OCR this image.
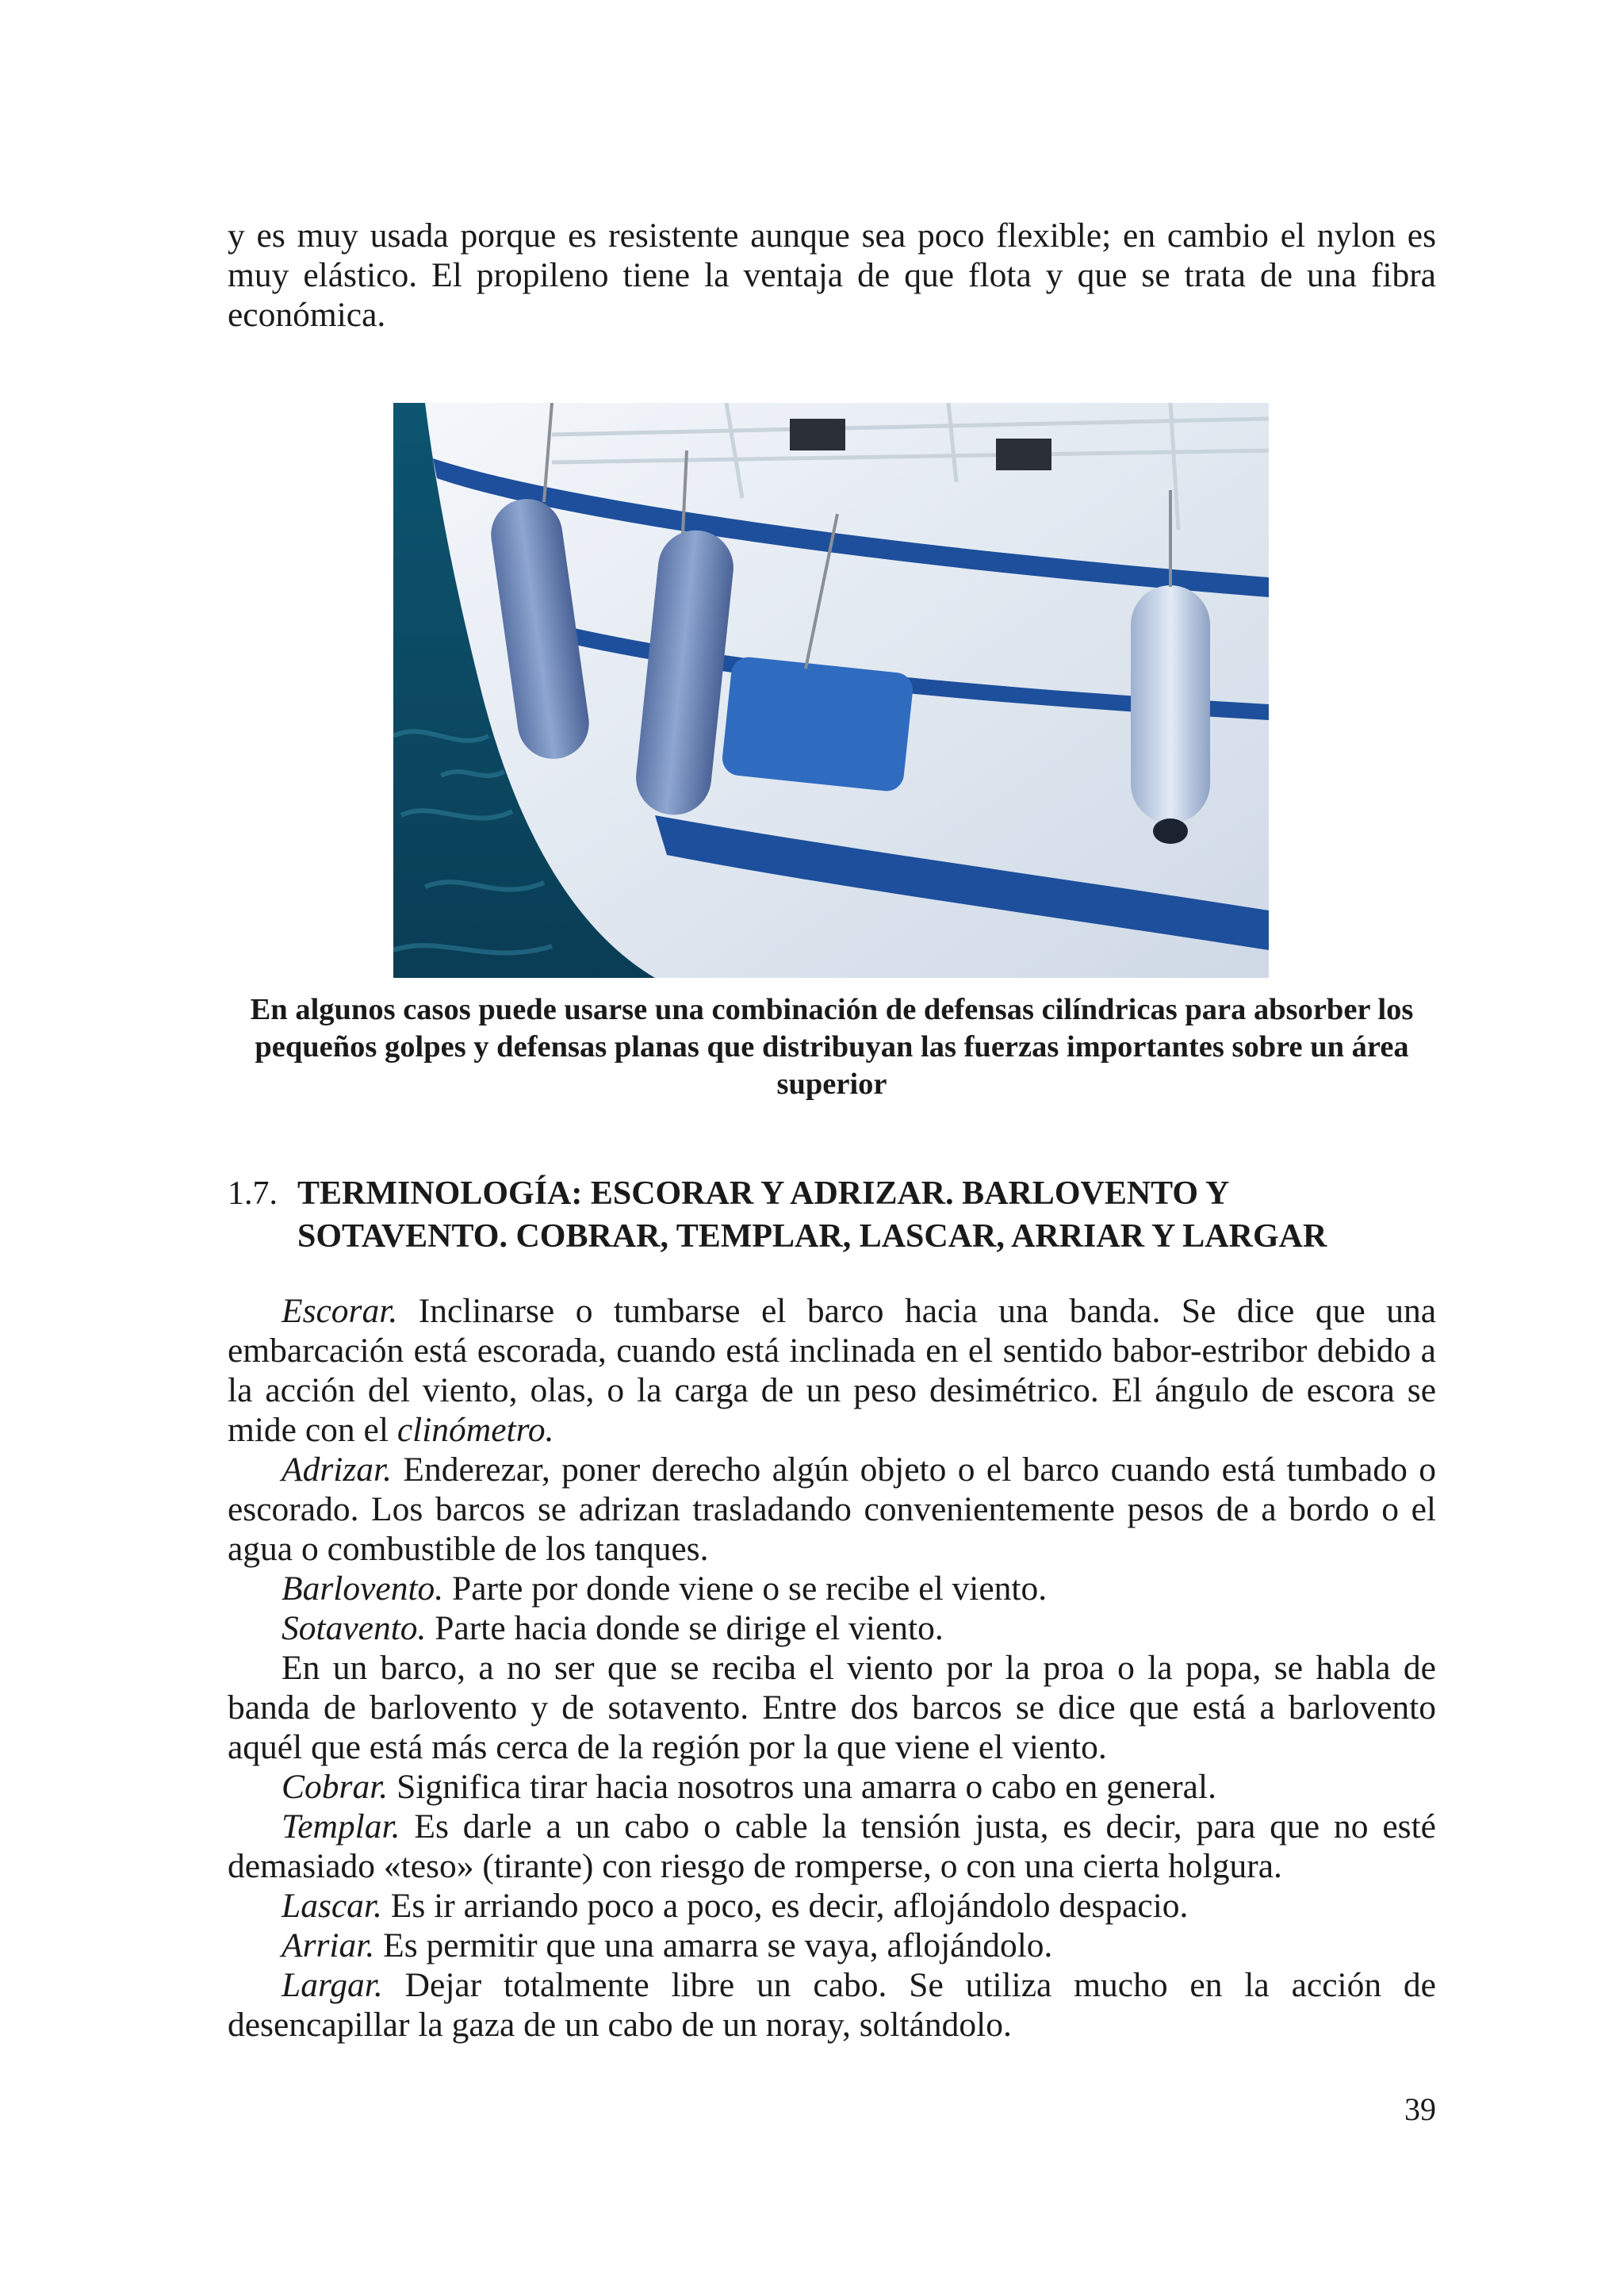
y es muy usada porque es resistente aunque sea poco flexible; en cambio el nylon es muy elástico. El propileno tiene la ventaja de que flota y que se trata de una fibra económica.

En algunos casos puede usarse una combinación de defensas cilíndricas para absorber los pequeños golpes y defensas planas que distribuyan las fuerzas importantes sobre un área superior
1.7. TERMINOLOGÍA: ESCORAR Y ADRIZAR. BARLOVENTO Y SOTAVENTO. COBRAR, TEMPLAR, LASCAR, ARRIAR Y LARGAR

Escorar. Inclinarse o tumbarse el barco hacia una banda. Se dice que una embarcación está escorada, cuando está inclinada en el sentido babor-estribor debido a la acción del viento, olas, o la carga de un peso desimétrico. El ángulo de escora se mide con el clinómetro.

Adrizar. Enderezar, poner derecho algún objeto o el barco cuando está tumbado o escorado. Los barcos se adrizan trasladando convenientemente pesos de a bordo o el agua o combustible de los tanques.

Barlovento. Parte por donde viene o se recibe el viento.

Sotavento. Parte hacia donde se dirige el viento.

En un barco, a no ser que se reciba el viento por la proa o la popa, se habla de banda de barlovento y de sotavento. Entre dos barcos se dice que está a barlovento aquél que está más cerca de la región por la que viene el viento.

Cobrar. Significa tirar hacia nosotros una amarra o cabo en general.

Templar. Es darle a un cabo o cable la tensión justa, es decir, para que no esté demasiado «teso» (tirante) con riesgo de romperse, o con una cierta holgura.

Lascar. Es ir arriando poco a poco, es decir, aflojándolo despacio.

Arriar. Es permitir que una amarra se vaya, aflojándolo.

Largar. Dejar totalmente libre un cabo. Se utiliza mucho en la acción de desencapillar la gaza de un cabo de un noray, soltándolo.

39
